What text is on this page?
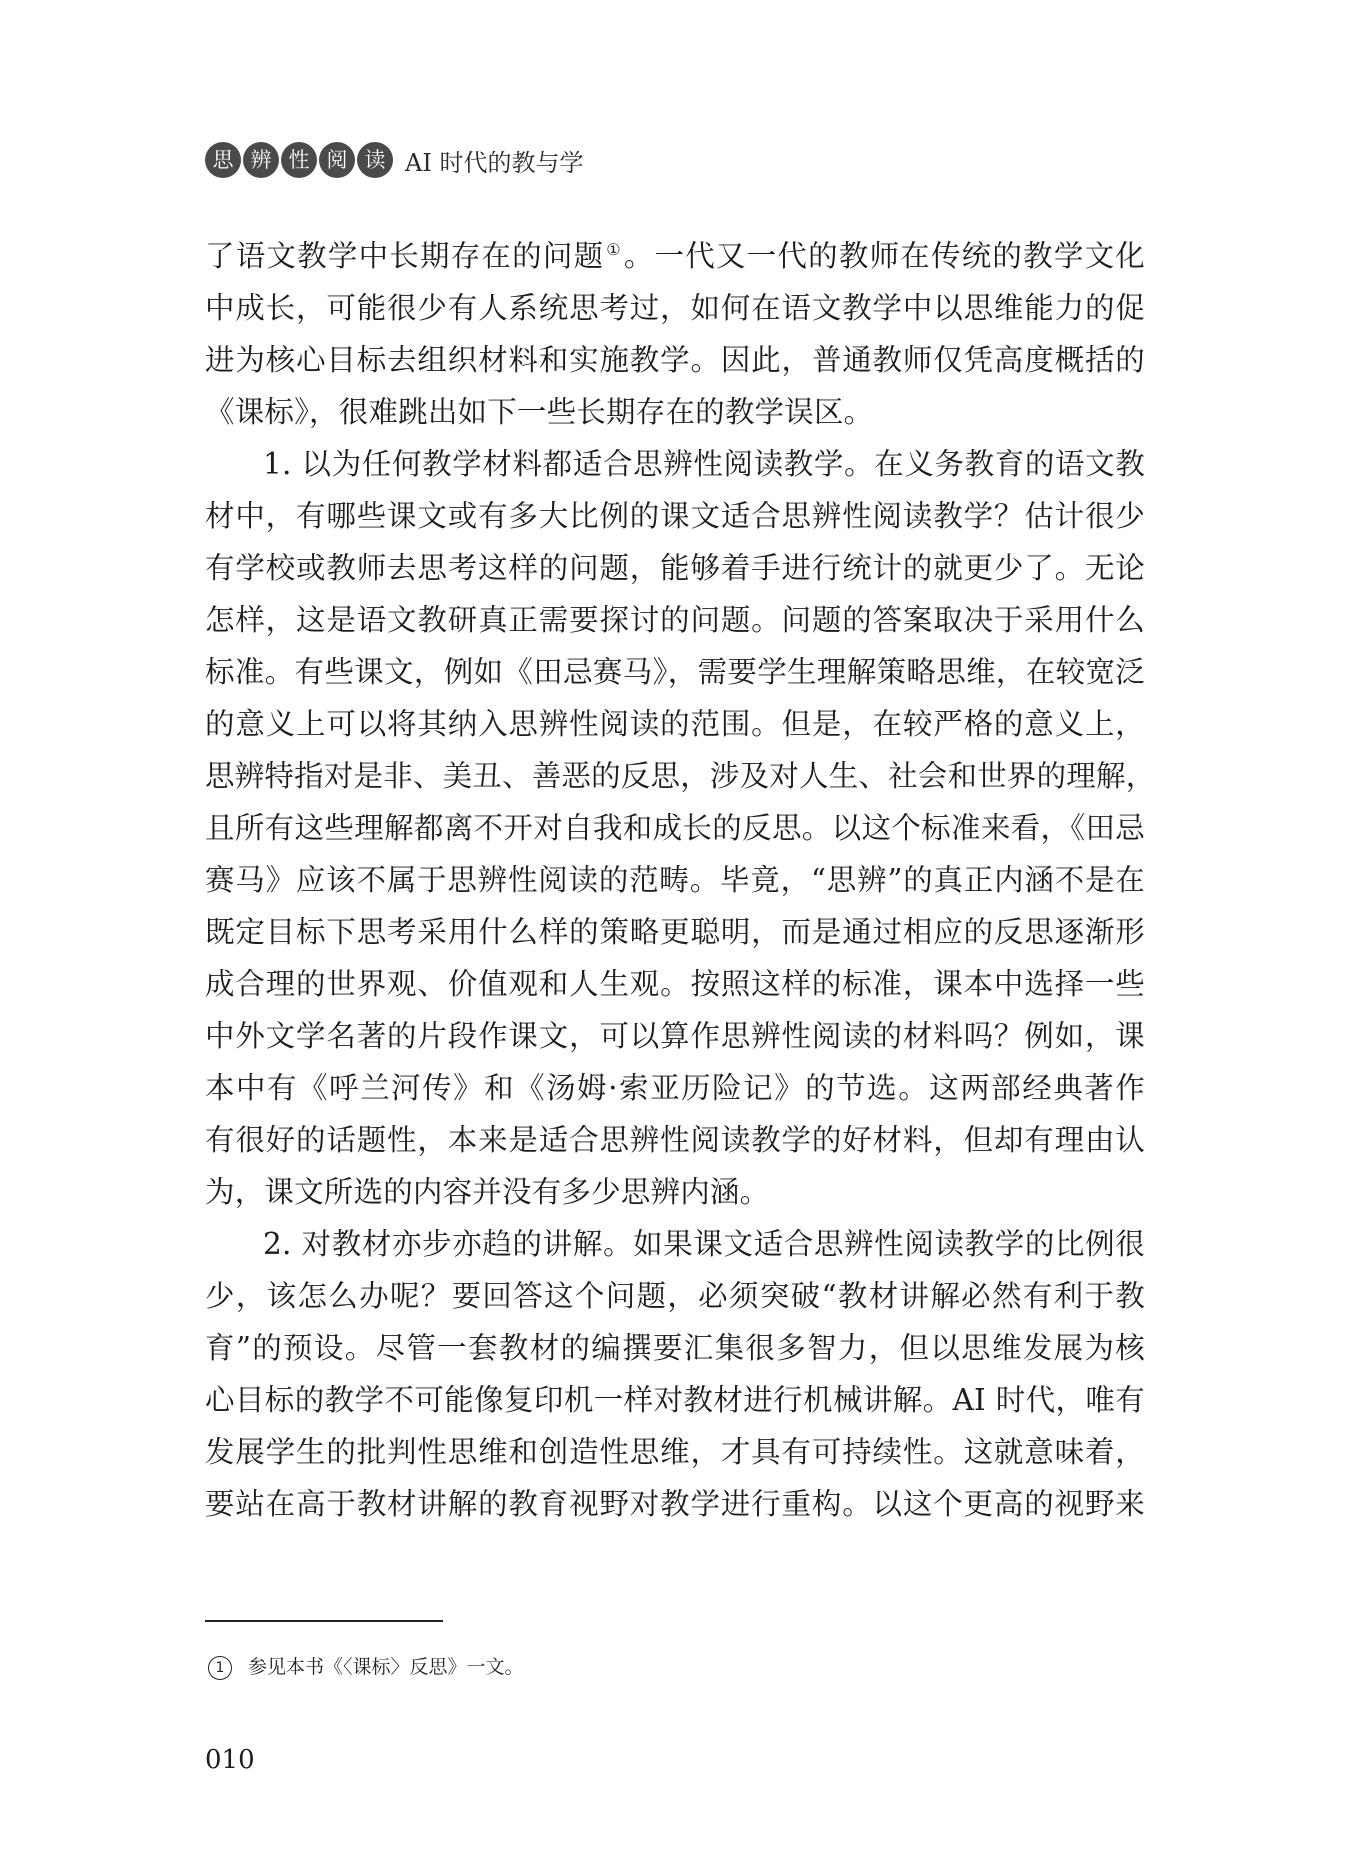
思 辨 性 阅 读 AI 时代的教与学
了语文教学中长期存在的问题 ①。一代又一代的教师在传统的教学文化
中成长，可能很少有人系统思考过，如何在语文教学中以思维能力的促
进为核心目标去组织材料和实施教学。因此，普通教师仅凭高度概括的
《课标》，很难跳出如下一些长期存在的教学误区。
1. 以为任何教学材料都适合思辨性阅读教学。在义务教育的语文教
材中，有哪些课文或有多大比例的课文适合思辨性阅读教学？估计很少
有学校或教师去思考这样的问题，能够着手进行统计的就更少了。无论
怎样，这是语文教研真正需要探讨的问题。问题的答案取决于采用什么
标准。有些课文，例如《田忌赛马》，需要学生理解策略思维，在较宽泛
的意义上可以将其纳入思辨性阅读的范围。但是，在较严格的意义上，
思辨特指对是非、美丑、善恶的反思，涉及对人生、社会和世界的理解，
且所有这些理解都离不开对自我和成长的反思。以这个标准来看，《田忌
赛马》应该不属于思辨性阅读的范畴。毕竟，“思辨”的真正内涵不是在
既定目标下思考采用什么样的策略更聪明，而是通过相应的反思逐渐形
成合理的世界观、价值观和人生观。按照这样的标准，课本中选择一些
中外文学名著的片段作课文，可以算作思辨性阅读的材料吗？例如，课
本中有《呼兰河传》和《汤姆·索亚历险记》的节选。这两部经典著作
有很好的话题性，本来是适合思辨性阅读教学的好材料，但却有理由认
为，课文所选的内容并没有多少思辨内涵。
2. 对教材亦步亦趋的讲解。如果课文适合思辨性阅读教学的比例很
少，该怎么办呢？要回答这个问题，必须突破“教材讲解必然有利于教
育”的预设。尽管一套教材的编撰要汇集很多智力，但以思维发展为核
心目标的教学不可能像复印机一样对教材进行机械讲解。AI 时代，唯有
发展学生的批判性思维和创造性思维，才具有可持续性。这就意味着，
要站在高于教材讲解的教育视野对教学进行重构。以这个更高的视野来
1 参见本书《〈课标〉反思》一文。
010
